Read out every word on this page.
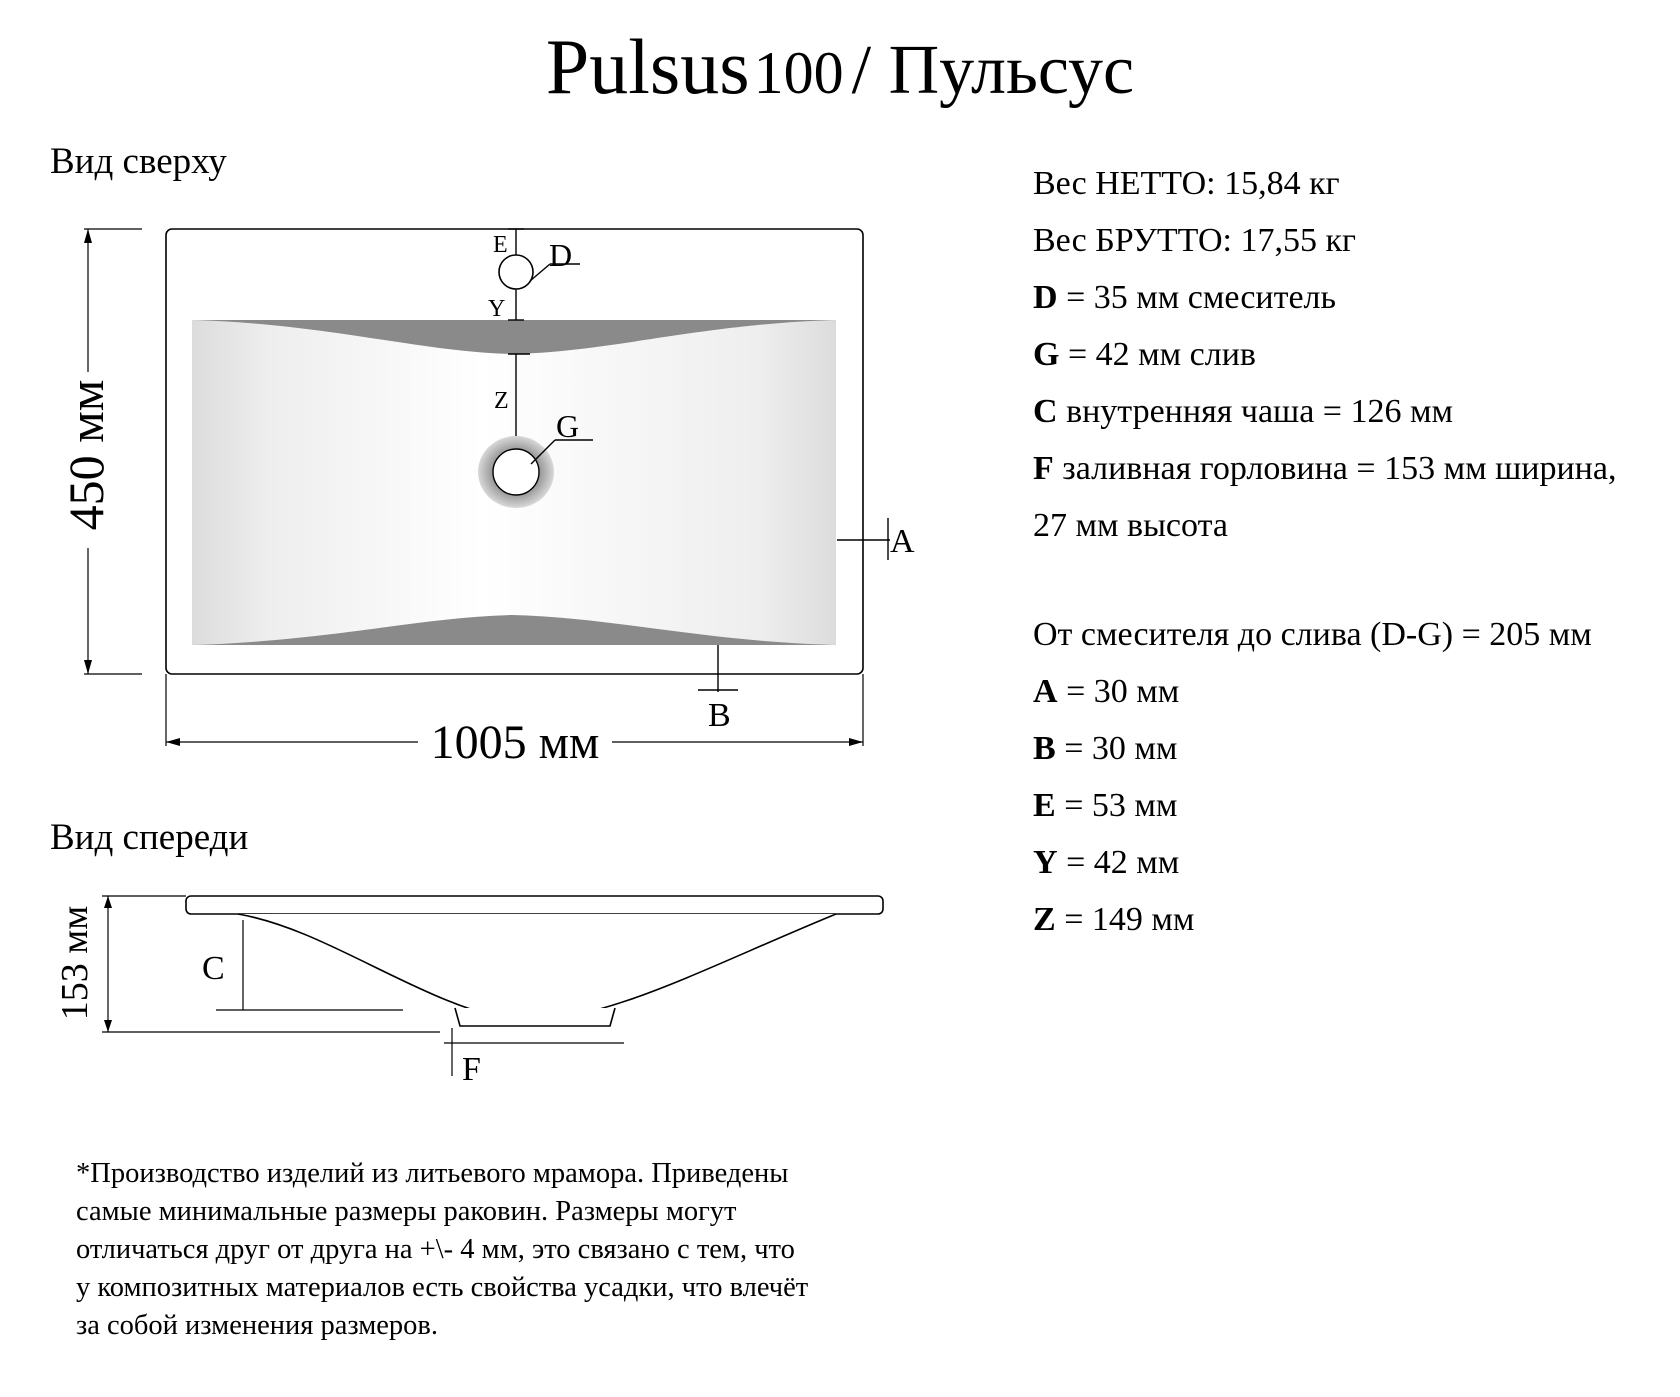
Pulsus 100 / Пульсус
Вид сверху
Вид спереди
E D
Y
Z
G
A
B
450 мм
1005 мм
C
F
153 мм
Вес НЕТТО: 15,84 кг
Вес БРУТТО: 17,55 кг
D = 35 мм смеситель
G = 42 мм слив
C внутренняя чаша = 126 мм
F заливная горловина = 153 мм ширина,
27 мм высота
От смесителя до слива (D-G) = 205 мм
A = 30 мм
B = 30 мм
E = 53 мм
Y = 42 мм
Z = 149 мм
*Производство изделий из литьевого мрамора. Приведены
самые минимальные размеры раковин. Размеры могут
отличаться друг от друга на +\- 4 мм, это связано с тем, что
у композитных материалов есть свойства усадки, что влечёт
за собой изменения размеров.
